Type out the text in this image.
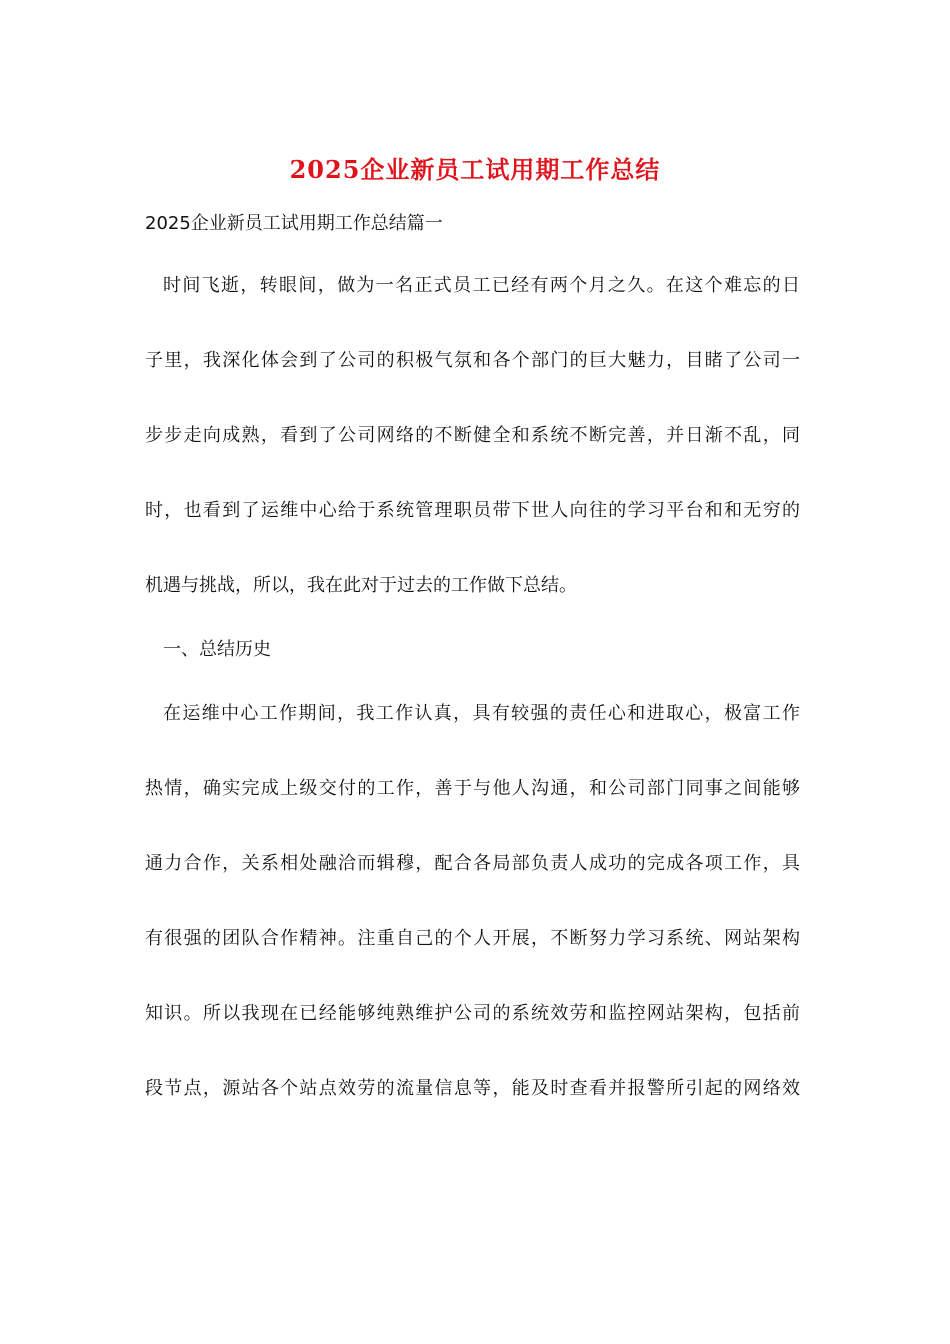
2025企业新员工试用期工作总结
2025企业新员工试用期工作总结篇一
时间飞逝，转眼间，做为一名正式员工已经有两个月之久。在这个难忘的日
子里，我深化体会到了公司的积极气氛和各个部门的巨大魅力，目睹了公司一
步步走向成熟，看到了公司网络的不断健全和系统不断完善，并日渐不乱，同
时，也看到了运维中心给于系统管理职员带下世人向往的学习平台和和无穷的
机遇与挑战，所以，我在此对于过去的工作做下总结。
一、总结历史
在运维中心工作期间，我工作认真，具有较强的责任心和进取心，极富工作
热情，确实完成上级交付的工作，善于与他人沟通，和公司部门同事之间能够
通力合作，关系相处融洽而辑穆，配合各局部负责人成功的完成各项工作，具
有很强的团队合作精神。注重自己的个人开展，不断努力学习系统、网站架构
知识。所以我现在已经能够纯熟维护公司的系统效劳和监控网站架构，包括前
段节点，源站各个站点效劳的流量信息等，能及时查看并报警所引起的网络效
